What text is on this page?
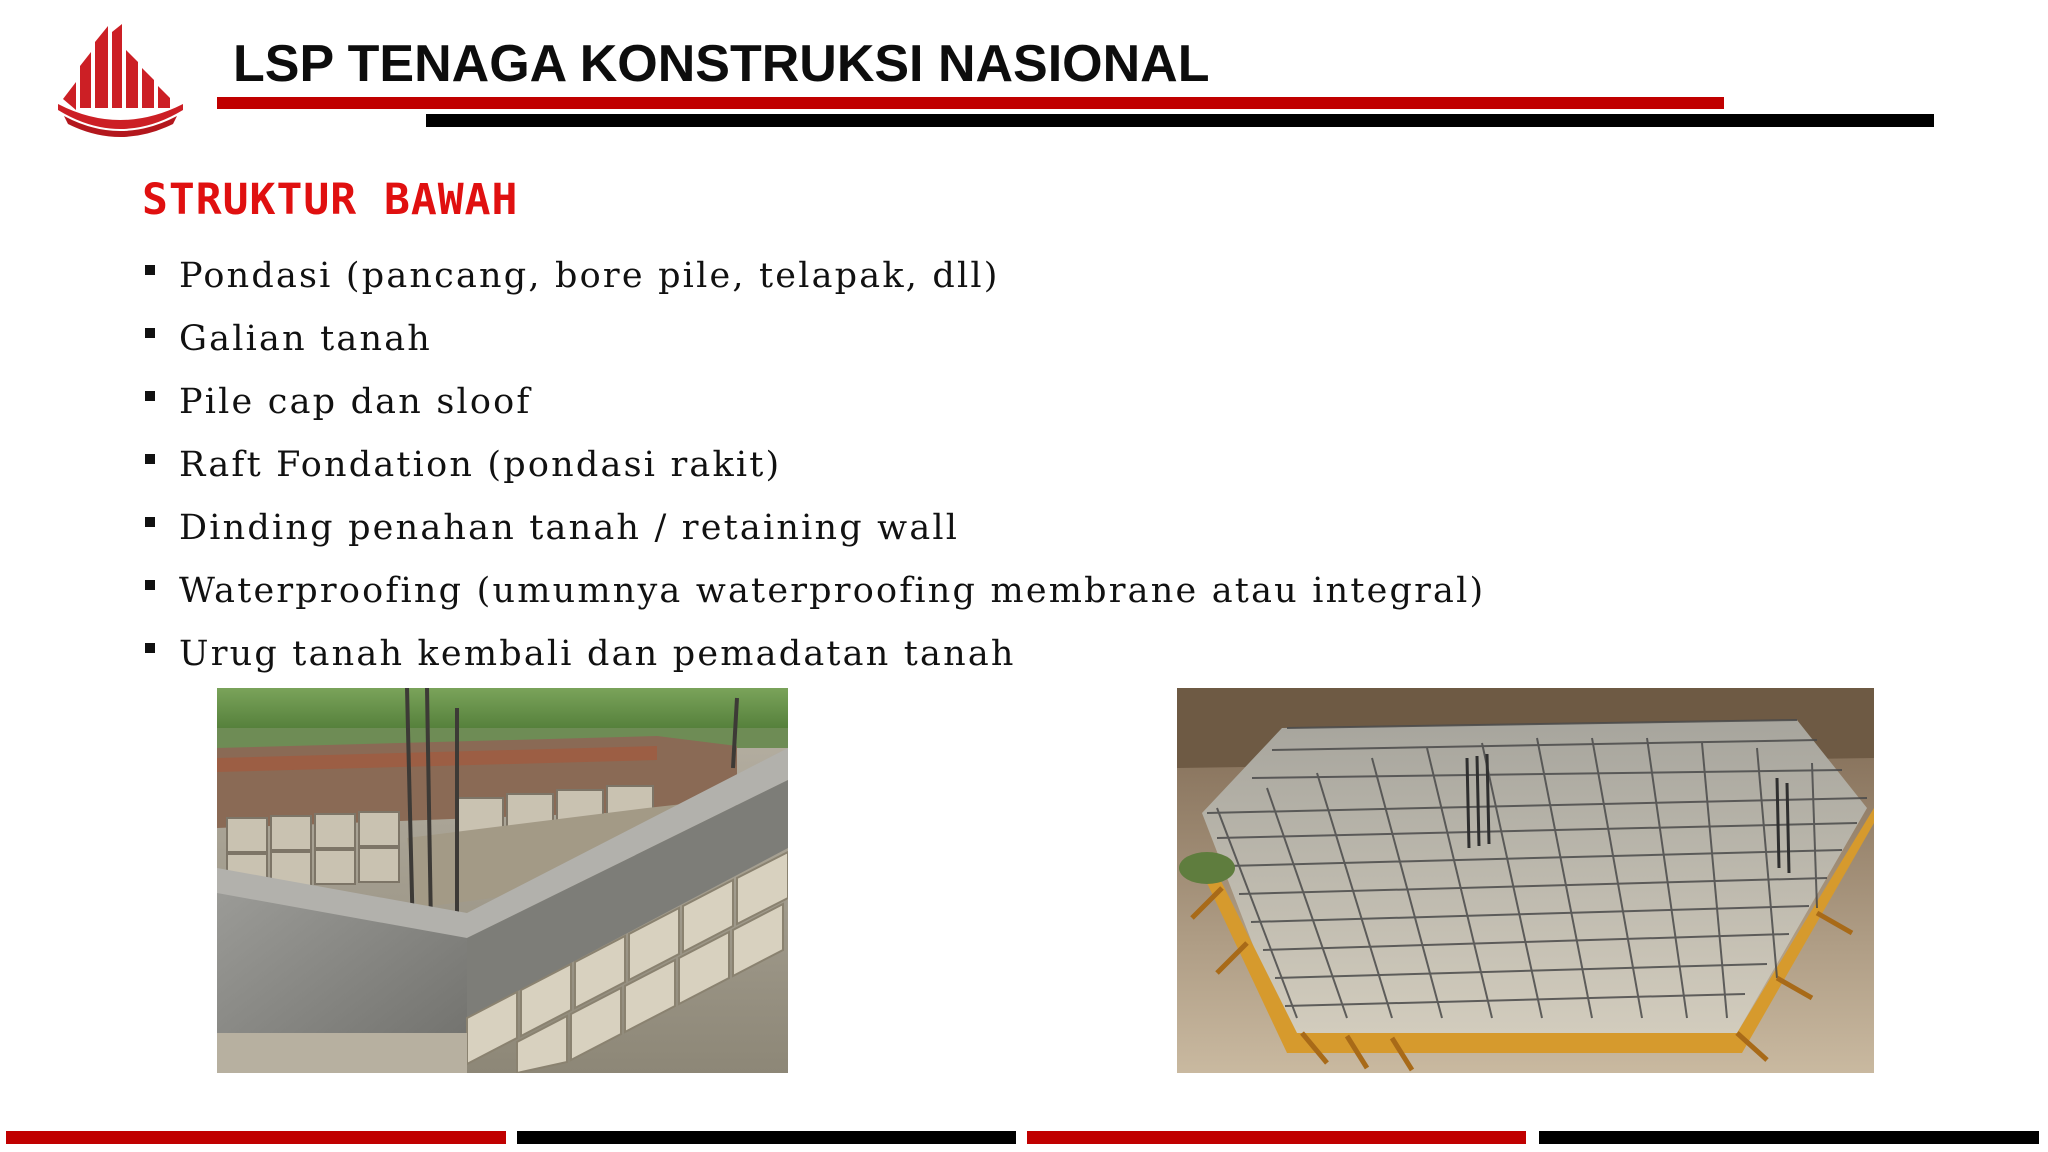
LSP TENAGA KONSTRUKSI NASIONAL
STRUKTUR BAWAH
Pondasi (pancang, bore pile, telapak, dll)
Galian tanah
Pile cap dan sloof
Raft Fondation (pondasi rakit)
Dinding penahan tanah / retaining wall
Waterproofing (umumnya waterproofing membrane atau integral)
Urug tanah kembali dan pemadatan tanah
